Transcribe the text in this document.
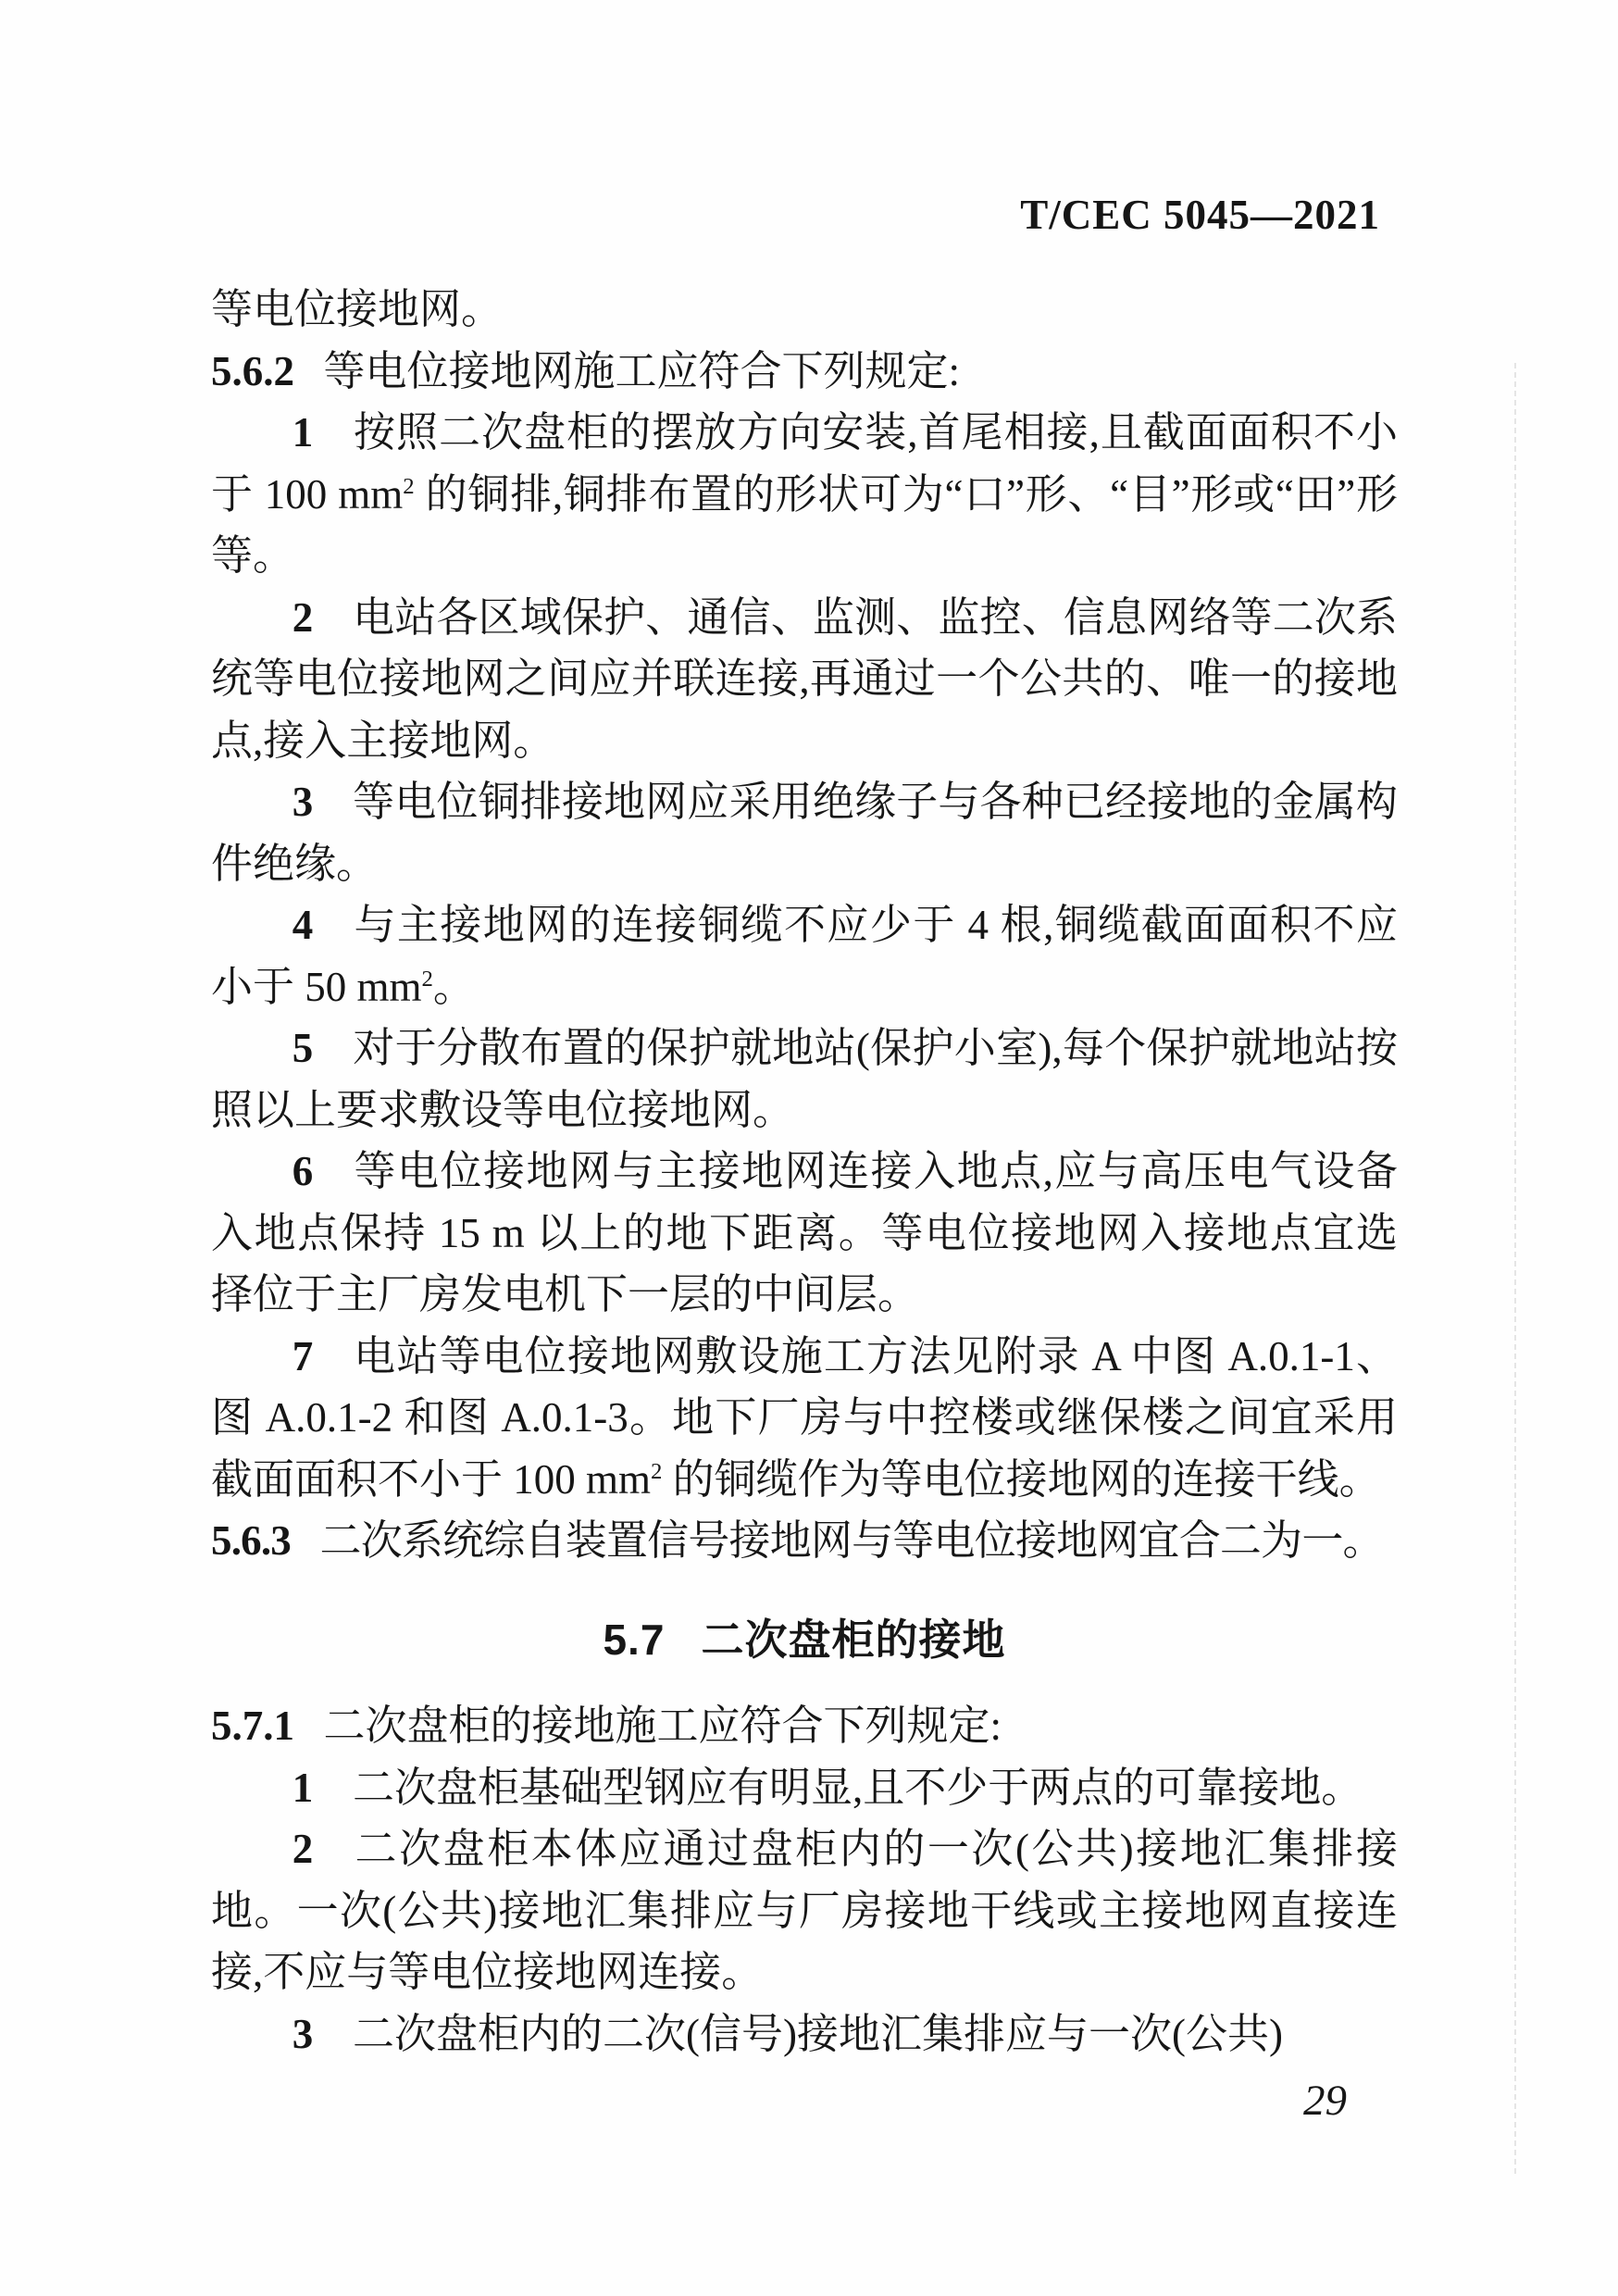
T/CEC 5045—2021

等电位接地网。

5.6.2 等电位接地网施工应符合下列规定:

1 按照二次盘柜的摆放方向安装,首尾相接,且截面面积不小于 100 $mm^2$ 的铜排,铜排布置的形状可为“口”形、“目”形或“田”形等。

2 电站各区域保护、通信、监测、监控、信息网络等二次系统等电位接地网之间应并联连接,再通过一个公共的、唯一的接地点,接入主接地网。

3 等电位铜排接地网应采用绝缘子与各种已经接地的金属构件绝缘。

4 与主接地网的连接铜缆不应少于 4 根,铜缆截面面积不应小于 50 $mm^2$。

5 对于分散布置的保护就地站(保护小室),每个保护就地站按照以上要求敷设等电位接地网。

6 等电位接地网与主接地网连接入地点,应与高压电气设备入地点保持 15 m 以上的地下距离。等电位接地网入接地点宜选择位于主厂房发电机下一层的中间层。

7 电站等电位接地网敷设施工方法见附录 A 中图 A.0.1-1、图 A.0.1-2 和图 A.0.1-3。地下厂房与中控楼或继保楼之间宜采用截面面积不小于 100 $mm^2$ 的铜缆作为等电位接地网的连接干线。

5.6.3 二次系统综自装置信号接地网与等电位接地网宜合二为一。

5.7 二次盘柜的接地

5.7.1 二次盘柜的接地施工应符合下列规定:

1 二次盘柜基础型钢应有明显,且不少于两点的可靠接地。

2 二次盘柜本体应通过盘柜内的一次(公共)接地汇集排接地。一次(公共)接地汇集排应与厂房接地干线或主接地网直接连接,不应与等电位接地网连接。

3 二次盘柜内的二次(信号)接地汇集排应与一次(公共)

29
